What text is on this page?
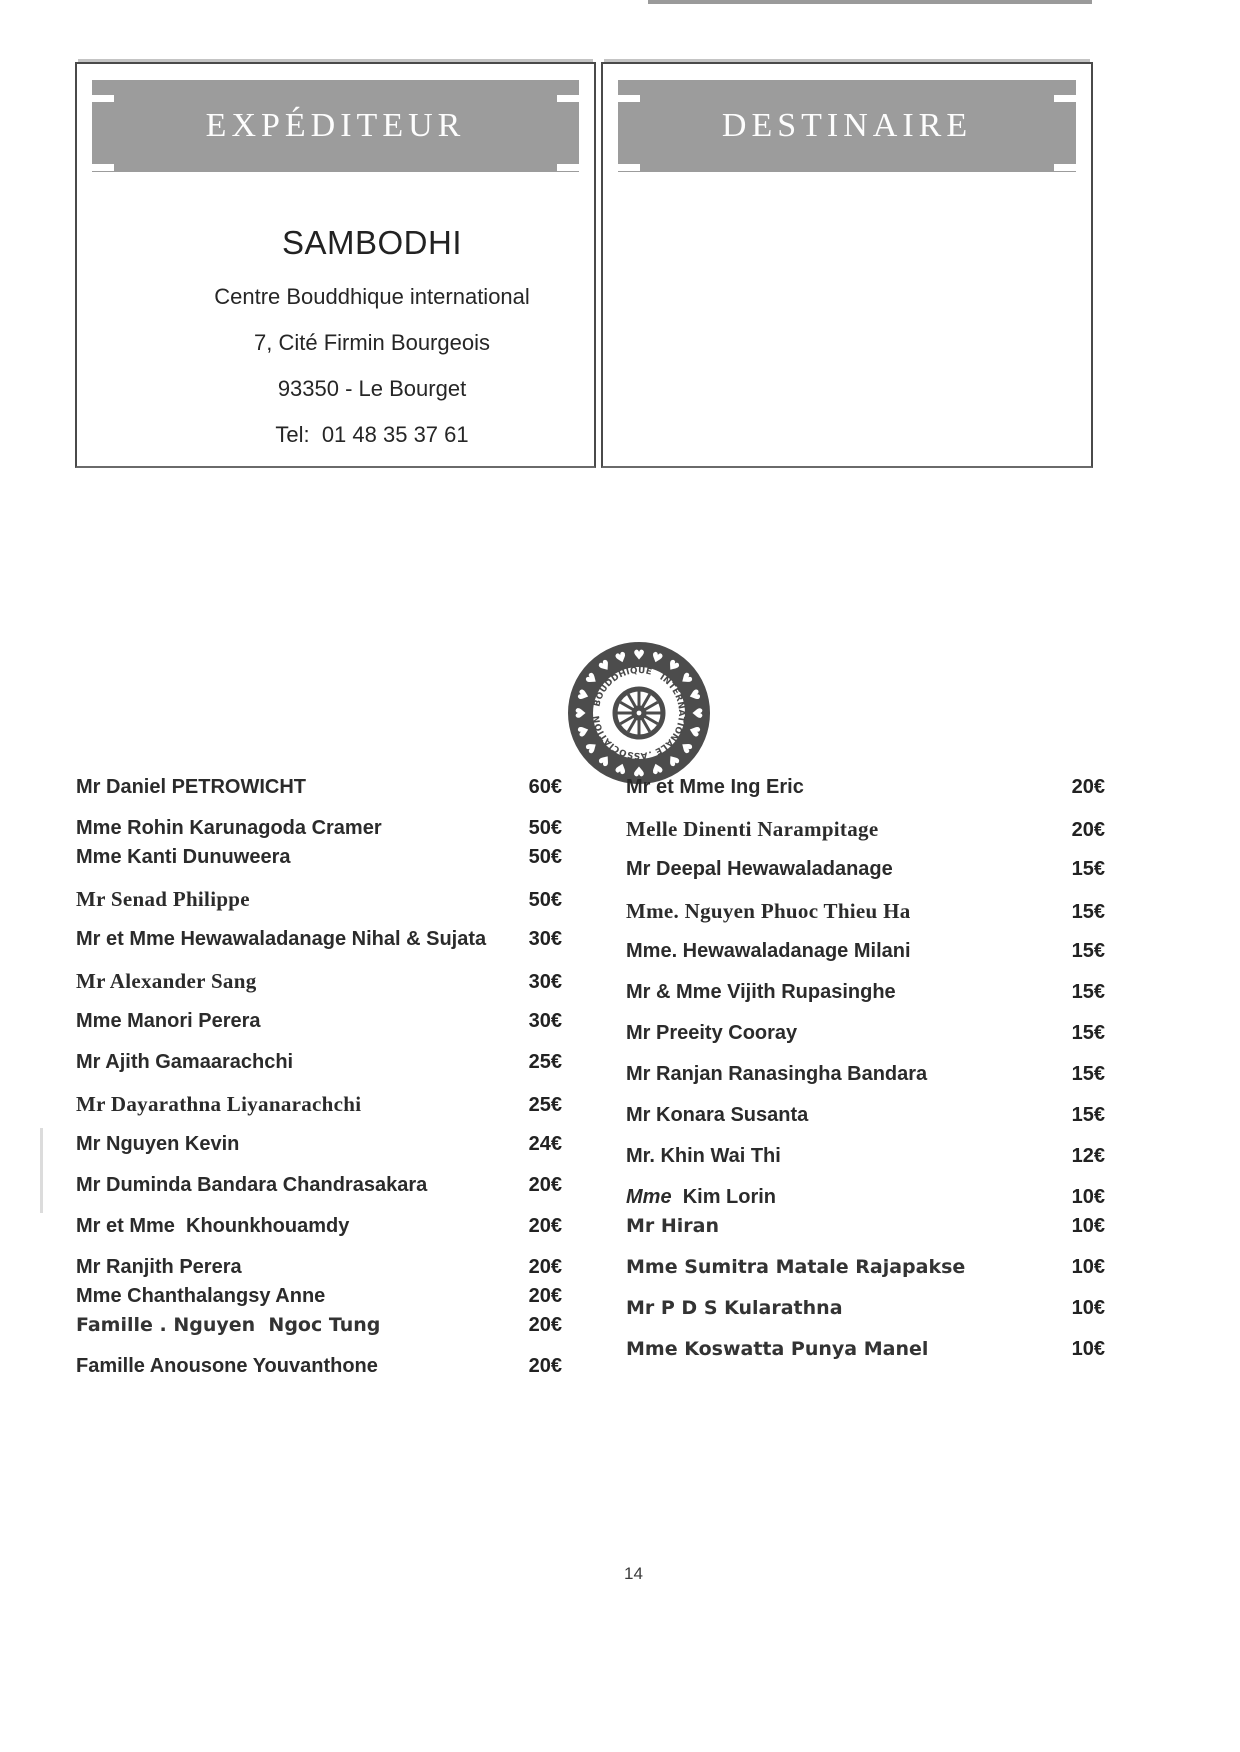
EXPÉDITEUR
SAMBODHI
Centre Bouddhique international
7, Cité Firmin Bourgeois
93350 - Le Bourget
Tel:  01 48 35 37 61
DESTINAIRE
♥ ♥
♥
♥
♥
♥
♥
♥
♥
♥
♥
♥
♥
♥
♥
♥
♥
♥
♥
♥
BOUDDHIQUE INTERNATIONALE . ASSOCIATION
Mr Daniel PETROWICHT	60€
Mme Rohin Karunagoda Cramer	50€
Mme Kanti Dunuweera	50€
Mr Senad Philippe	50€
Mr et Mme Hewawaladanage Nihal & Sujata 30€
Mr Alexander Sang	30€
Mme Manori Perera	30€
Mr Ajith Gamaarachchi	25€
Mr Dayarathna Liyanarachchi	25€
Mr Nguyen Kevin	24€
Mr Duminda Bandara Chandrasakara	20€
Mr et Mme  Khounkhouamdy	20€
Mr Ranjith Perera	20€
Mme Chanthalangsy Anne	20€
Famille . Nguyen  Ngoc Tung	20€
Famille Anousone Youvanthone	20€
Mr et Mme Ing Eric	20€
Melle Dinenti Narampitage	20€
Mr Deepal Hewawaladanage	15€
Mme. Nguyen Phuoc Thieu Ha	15€
Mme. Hewawaladanage Milani	15€
Mr & Mme Vijith Rupasinghe	15€
Mr Preeity Cooray	15€
Mr Ranjan Ranasingha Bandara	15€
Mr Konara Susanta	15€
Mr. Khin Wai Thi	12€
Mme  Kim Lorin	10€
Mr Hiran	10€
Mme Sumitra Matale Rajapakse	10€
Mr P D S Kularathna	10€
Mme Koswatta Punya Manel	10€
14
